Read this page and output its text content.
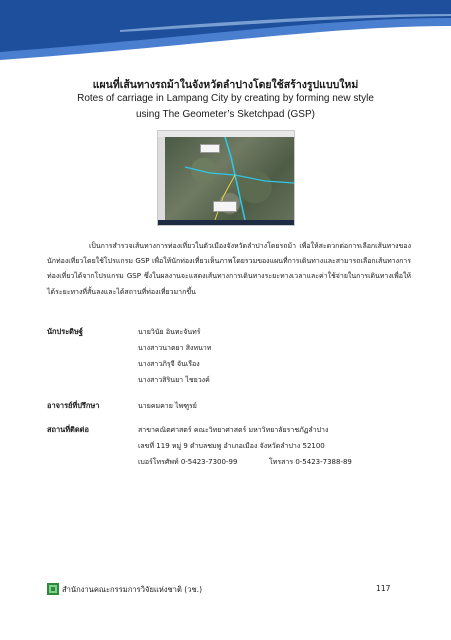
แผนที่เส้นทางรถม้าในจังหวัดลำปางโดยใช้สร้างรูปแบบใหม่
Rotes of carriage in Lampang City by creating by forming new style
using The Geometer’s Sketchpad (GSP)

เป็นการสำรวจเส้นทางการท่องเที่ยวในตัวเมืองจังหวัดลำปางโดยรถม้า เพื่อให้สะดวกต่อการเลือกเส้นทางของนักท่องเที่ยวโดยใช้โปรแกรม GSP เพื่อให้นักท่องเที่ยวเห็นภาพโดยรวมของแผนที่การเดินทางและสามารถเลือกเส้นทางการท่องเที่ยวได้จากโปรแกรม GSP ซึ่งในผลงานจะแสดงเส้นทางการเดินทางระยะทางเวลาและค่าใช้จ่ายในการเดินทางเพื่อให้ได้ระยะทางที่สั้นลงและได้สถานที่ท่องเที่ยวมากขึ้น

นักประดิษฐ์	นายวินัย อินทะจันทร์
นางสาวนาตยา สิงหนาท
นางสาวภิรุจี จันเรือง
นางสาวสิรินยา ไชยวงค์
อาจารย์ที่ปรึกษา	นายคมคาย ไพฑูรย์
สถานที่ติดต่อ	สาขาคณิตศาสตร์ คณะวิทยาศาสตร์ มหาวิทยาลัยราชภัฏลำปาง
เลขที่ 119 หมู่ 9 ตำบลชมพู อำเภอเมือง จังหวัดลำปาง 52100
เบอร์โทรศัพท์ 0-5423-7300-99	โทรสาร 0-5423-7388-89
สำนักงานคณะกรรมการวิจัยแห่งชาติ (วช.)	117
